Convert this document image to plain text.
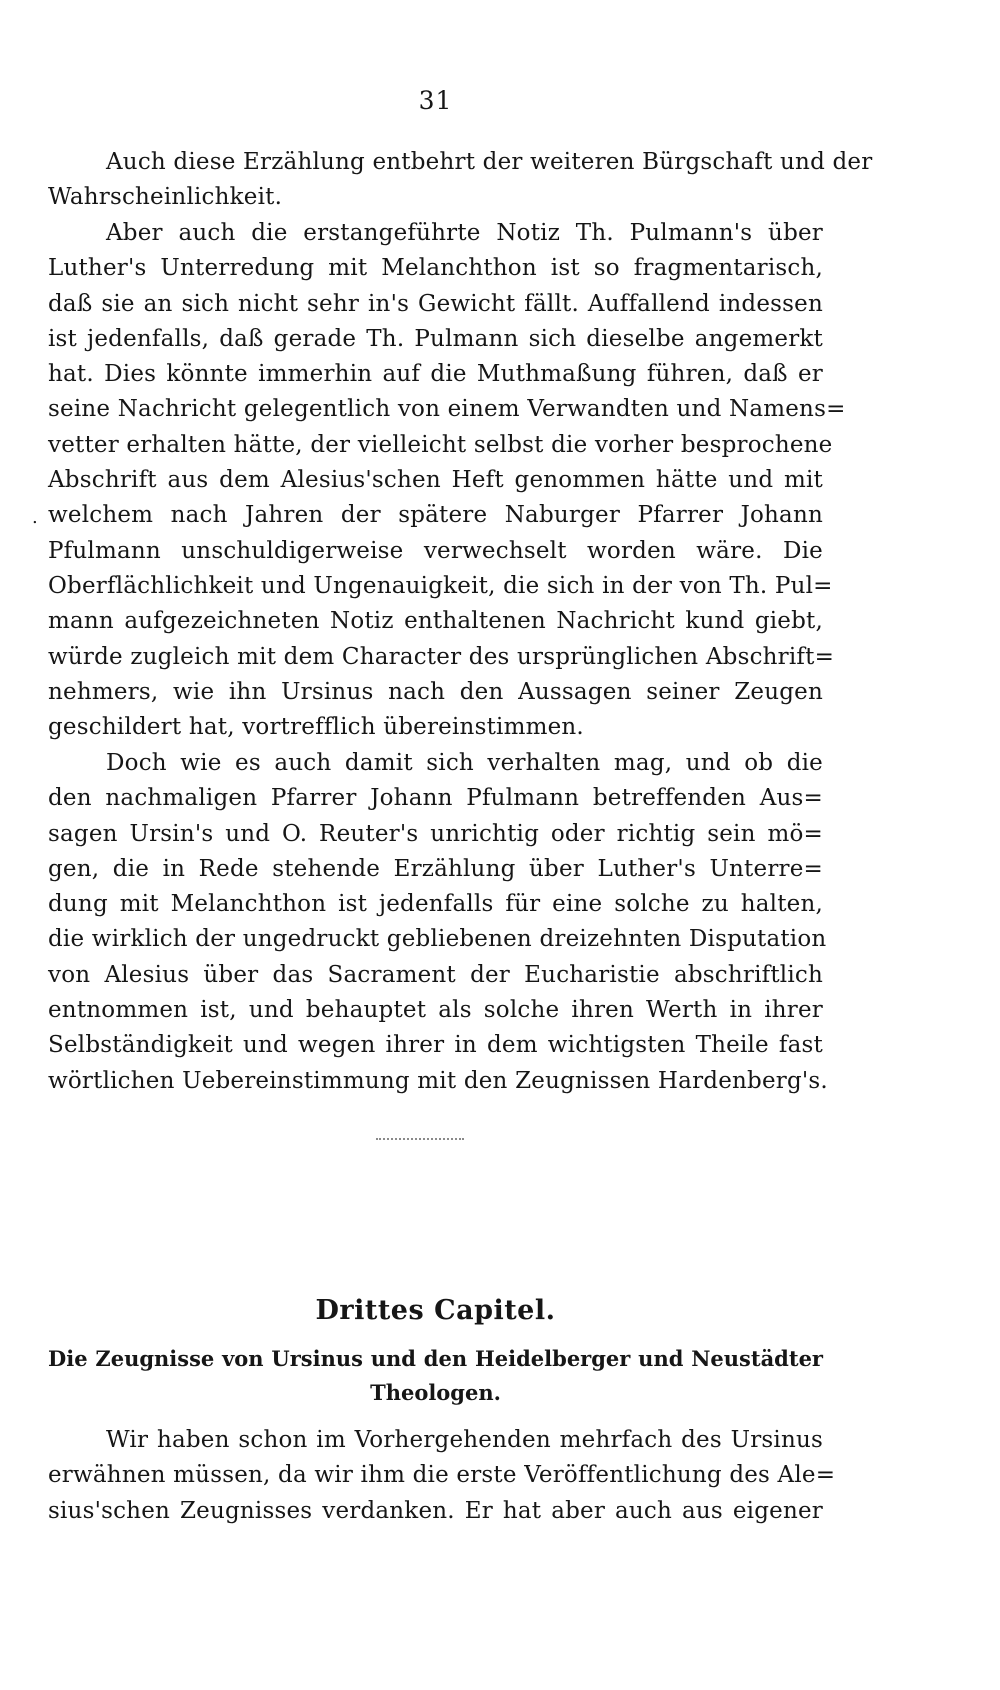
31
Auch diese Erzählung entbehrt der weiteren Bürgschaft und der
Wahrscheinlichkeit.
Aber auch die erstangeführte Notiz Th. Pulmann's über
Luther's Unterredung mit Melanchthon ist so fragmentarisch,
daß sie an sich nicht sehr in's Gewicht fällt. Auffallend indessen
ist jedenfalls, daß gerade Th. Pulmann sich dieselbe angemerkt
hat. Dies könnte immerhin auf die Muthmaßung führen, daß er
seine Nachricht gelegentlich von einem Verwandten und Namens=
vetter erhalten hätte, der vielleicht selbst die vorher besprochene
Abschrift aus dem Alesius'schen Heft genommen hätte und mit
welchem nach Jahren der spätere Naburger Pfarrer Johann
Pfulmann unschuldigerweise verwechselt worden wäre. Die
Oberflächlichkeit und Ungenauigkeit, die sich in der von Th. Pul=
mann aufgezeichneten Notiz enthaltenen Nachricht kund giebt,
würde zugleich mit dem Character des ursprünglichen Abschrift=
nehmers, wie ihn Ursinus nach den Aussagen seiner Zeugen
geschildert hat, vortrefflich übereinstimmen.
Doch wie es auch damit sich verhalten mag, und ob die
den nachmaligen Pfarrer Johann Pfulmann betreffenden Aus=
sagen Ursin's und O. Reuter's unrichtig oder richtig sein mö=
gen, die in Rede stehende Erzählung über Luther's Unterre=
dung mit Melanchthon ist jedenfalls für eine solche zu halten,
die wirklich der ungedruckt gebliebenen dreizehnten Disputation
von Alesius über das Sacrament der Eucharistie abschriftlich
entnommen ist, und behauptet als solche ihren Werth in ihrer
Selbständigkeit und wegen ihrer in dem wichtigsten Theile fast
wörtlichen Uebereinstimmung mit den Zeugnissen Hardenberg's.
Drittes Capitel.
Die Zeugnisse von Ursinus und den Heidelberger und Neustädter
Theologen.
Wir haben schon im Vorhergehenden mehrfach des Ursinus
erwähnen müssen, da wir ihm die erste Veröffentlichung des Ale=
sius'schen Zeugnisses verdanken. Er hat aber auch aus eigener
.
